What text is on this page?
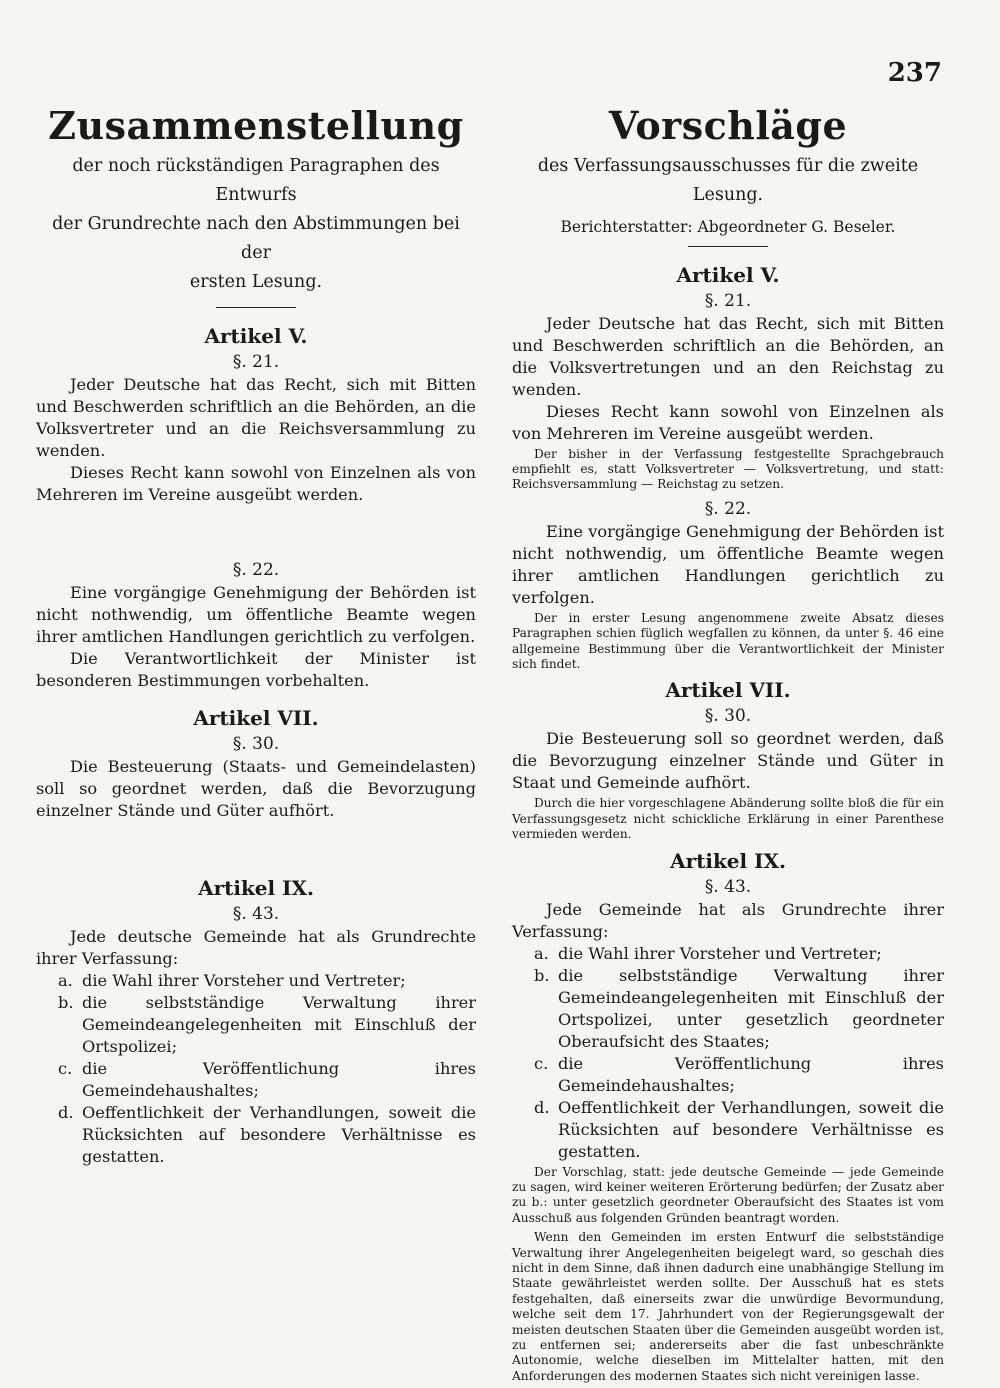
237
Zusammenstellung

der noch rückständigen Paragraphen des Entwurfs
der Grundrechte nach den Abstimmungen bei der
ersten Lesung.

Artikel V.
§. 21.

Jeder Deutsche hat das Recht, sich mit Bitten und Beschwerden schriftlich an die Behörden, an die Volksvertreter und an die Reichsversammlung zu wenden.

Dieses Recht kann sowohl von Einzelnen als von Mehreren im Vereine ausgeübt werden.

§. 22.

Eine vorgängige Genehmigung der Behörden ist nicht nothwendig, um öffentliche Beamte wegen ihrer amtlichen Handlungen gerichtlich zu verfolgen.

Die Verantwortlichkeit der Minister ist besonderen Bestimmungen vorbehalten.

Artikel VII.
§. 30.

Die Besteuerung (Staats- und Gemeindelasten) soll so geordnet werden, daß die Bevorzugung einzelner Stände und Güter aufhört.

Artikel IX.
§. 43.

Jede deutsche Gemeinde hat als Grundrechte ihrer Verfassung:

a. die Wahl ihrer Vorsteher und Vertreter;
b. die selbstständige Verwaltung ihrer Gemeindeangelegenheiten mit Einschluß der Ortspolizei;
c. die Veröffentlichung ihres Gemeindehaushaltes;
d. Oeffentlichkeit der Verhandlungen, soweit die Rücksichten auf besondere Verhältnisse es gestatten.
Vorschläge

des Verfassungsausschusses für die zweite Lesung.

Berichterstatter: Abgeordneter G. Beseler.

Artikel V.
§. 21.

Jeder Deutsche hat das Recht, sich mit Bitten und Beschwerden schriftlich an die Behörden, an die Volksvertretungen und an den Reichstag zu wenden.

Dieses Recht kann sowohl von Einzelnen als von Mehreren im Vereine ausgeübt werden.

Der bisher in der Verfassung festgestellte Sprachgebrauch empfiehlt es, statt Volksvertreter — Volksvertretung, und statt: Reichsversammlung — Reichstag zu setzen.

§. 22.

Eine vorgängige Genehmigung der Behörden ist nicht nothwendig, um öffentliche Beamte wegen ihrer amtlichen Handlungen gerichtlich zu verfolgen.

Der in erster Lesung angenommene zweite Absatz dieses Paragraphen schien füglich wegfallen zu können, da unter §. 46 eine allgemeine Bestimmung über die Verantwortlichkeit der Minister sich findet.

Artikel VII.
§. 30.

Die Besteuerung soll so geordnet werden, daß die Bevorzugung einzelner Stände und Güter in Staat und Gemeinde aufhört.

Durch die hier vorgeschlagene Abänderung sollte bloß die für ein Verfassungsgesetz nicht schickliche Erklärung in einer Parenthese vermieden werden.

Artikel IX.
§. 43.

Jede Gemeinde hat als Grundrechte ihrer Verfassung:

a. die Wahl ihrer Vorsteher und Vertreter;
b. die selbstständige Verwaltung ihrer Gemeindeangelegenheiten mit Einschluß der Ortspolizei, unter gesetzlich geordneter Oberaufsicht des Staates;
c. die Veröffentlichung ihres Gemeindehaushaltes;
d. Oeffentlichkeit der Verhandlungen, soweit die Rücksichten auf besondere Verhältnisse es gestatten.

Der Vorschlag, statt: jede deutsche Gemeinde — jede Gemeinde zu sagen, wird keiner weiteren Erörterung bedürfen; der Zusatz aber zu b.: unter gesetzlich geordneter Oberaufsicht des Staates ist vom Ausschuß aus folgenden Gründen beantragt worden.

Wenn den Gemeinden im ersten Entwurf die selbstständige Verwaltung ihrer Angelegenheiten beigelegt ward, so geschah dies nicht in dem Sinne, daß ihnen dadurch eine unabhängige Stellung im Staate gewährleistet werden sollte. Der Ausschuß hat es stets festgehalten, daß einerseits zwar die unwürdige Bevormundung, welche seit dem 17. Jahrhundert von der Regierungsgewalt der meisten deutschen Staaten über die Gemeinden ausgeübt worden ist, zu entfernen sei; andererseits aber die fast unbeschränkte Autonomie, welche dieselben im Mittelalter hatten, mit den Anforderungen des modernen Staates sich nicht vereinigen lasse.
